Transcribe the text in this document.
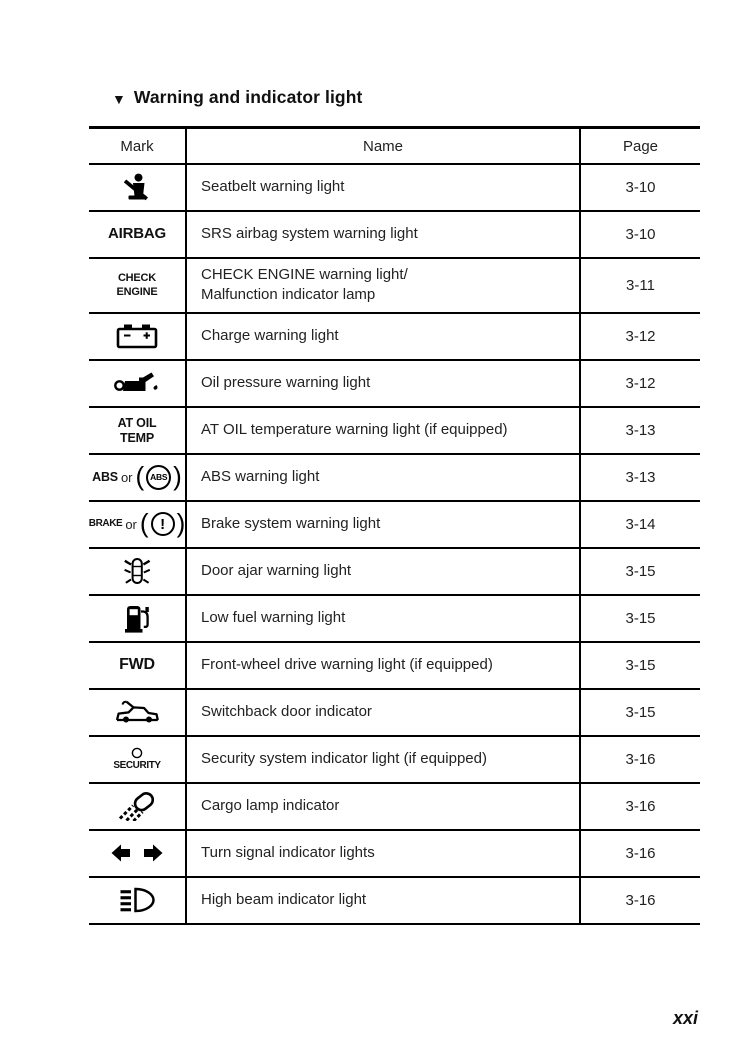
▼ Warning and indicator light
Mark	Name	Page

	Seatbelt warning light	3-10

AIRBAG	SRS airbag system warning light	3-10

CHECK
ENGINE
	CHECK ENGINE warning light/
Malfunction indicator lamp	3-11

	Charge warning light	3-12

	Oil pressure warning light	3-12

AT OIL
TEMP	AT OIL temperature warning light (if equipped)	3-13

ABS or ( ABS )	ABS warning light	3-13

BRAKE or ( ! )	Brake system warning light	3-14

	Door ajar warning light	3-15

	Low fuel warning light	3-15

FWD	Front-wheel drive warning light (if equipped)	3-15

	Switchback door indicator	3-15

SECURITY	Security system indicator light (if equipped)	3-16

	Cargo lamp indicator	3-16

	Turn signal indicator lights	3-16

	High beam indicator light	3-16
xxi
